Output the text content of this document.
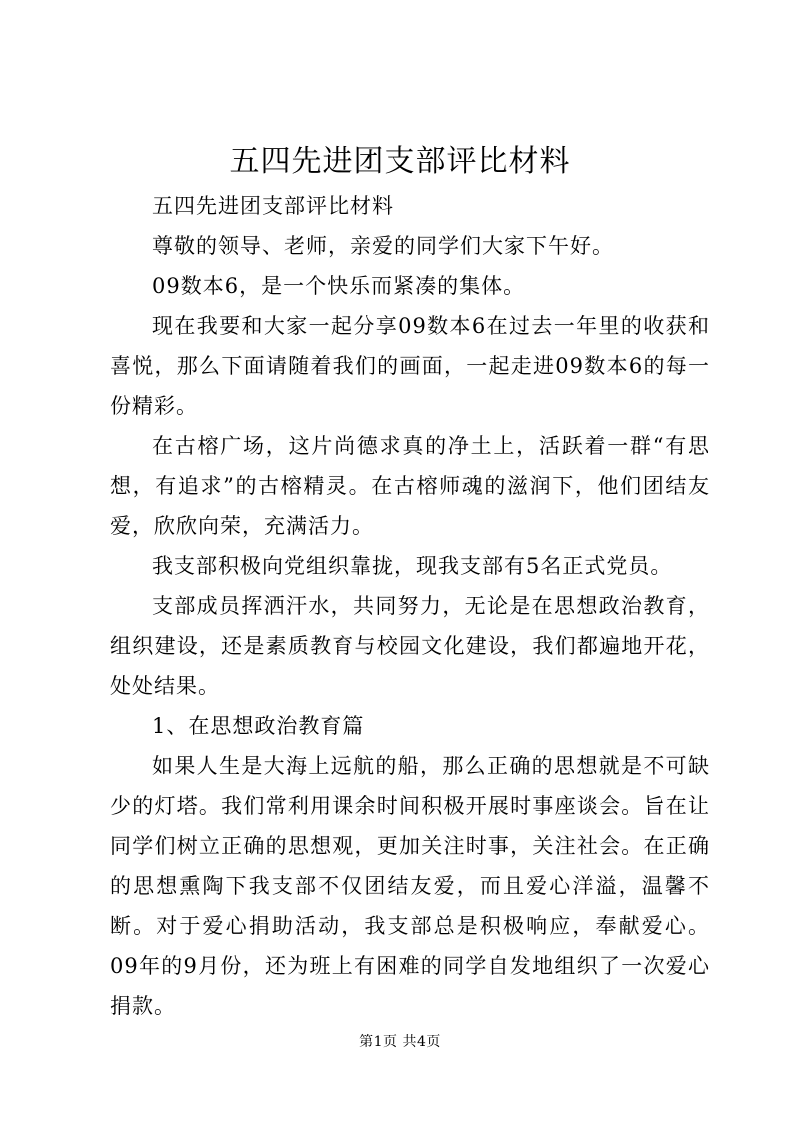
五四先进团支部评比材料

五四先进团支部评比材料

尊敬的领导、老师，亲爱的同学们大家下午好。

09数本6，是一个快乐而紧凑的集体。

现在我要和大家一起分享09数本6在过去一年里的收获和喜悦，那么下面请随着我们的画面，一起走进09数本6的每一份精彩。

在古榕广场，这片尚德求真的净土上，活跃着一群“有思想，有追求”的古榕精灵。在古榕师魂的滋润下，他们团结友爱，欣欣向荣，充满活力。

我支部积极向党组织靠拢，现我支部有5名正式党员。

支部成员挥洒汗水，共同努力，无论是在思想政治教育，组织建设，还是素质教育与校园文化建设，我们都遍地开花，处处结果。

1、在思想政治教育篇

如果人生是大海上远航的船，那么正确的思想就是不可缺少的灯塔。我们常利用课余时间积极开展时事座谈会。旨在让同学们树立正确的思想观，更加关注时事，关注社会。在正确的思想熏陶下我支部不仅团结友爱，而且爱心洋溢，温馨不断。对于爱心捐助活动，我支部总是积极响应，奉献爱心。09年的9月份，还为班上有困难的同学自发地组织了一次爱心捐款。

第1页 共4页
